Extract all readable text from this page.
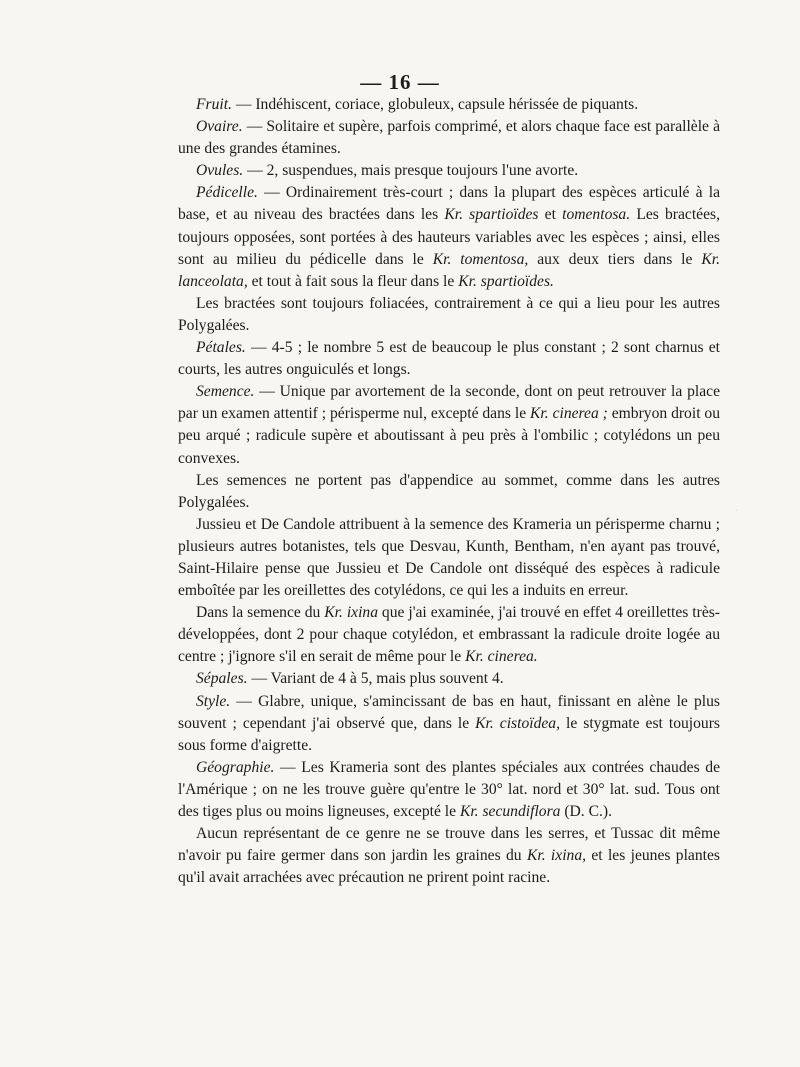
— 16 —

Fruit. — Indéhiscent, coriace, globuleux, capsule hérissée de piquants.

Ovaire. — Solitaire et supère, parfois comprimé, et alors chaque face est parallèle à une des grandes étamines.

Ovules. — 2, suspendues, mais presque toujours l'une avorte.

Pédicelle. — Ordinairement très-court ; dans la plupart des espèces articulé à la base, et au niveau des bractées dans les Kr. spartioïdes et tomentosa. Les bractées, toujours opposées, sont portées à des hauteurs variables avec les espèces ; ainsi, elles sont au milieu du pédicelle dans le Kr. tomentosa, aux deux tiers dans le Kr. lanceolata, et tout à fait sous la fleur dans le Kr. spartioïdes.

Les bractées sont toujours foliacées, contrairement à ce qui a lieu pour les autres Polygalées.

Pétales. — 4-5 ; le nombre 5 est de beaucoup le plus constant ; 2 sont charnus et courts, les autres onguiculés et longs.

Semence. — Unique par avortement de la seconde, dont on peut retrouver la place par un examen attentif ; périsperme nul, excepté dans le Kr. cinerea ; embryon droit ou peu arqué ; radicule supère et aboutissant à peu près à l'ombilic ; cotylédons un peu convexes.

Les semences ne portent pas d'appendice au sommet, comme dans les autres Polygalées.

Jussieu et De Candole attribuent à la semence des Krameria un périsperme charnu ; plusieurs autres botanistes, tels que Desvau, Kunth, Bentham, n'en ayant pas trouvé, Saint-Hilaire pense que Jussieu et De Candole ont disséqué des espèces à radicule emboîtée par les oreillettes des cotylédons, ce qui les a induits en erreur.

Dans la semence du Kr. ixina que j'ai examinée, j'ai trouvé en effet 4 oreillettes très-développées, dont 2 pour chaque cotylédon, et embrassant la radicule droite logée au centre ; j'ignore s'il en serait de même pour le Kr. cinerea.

Sépales. — Variant de 4 à 5, mais plus souvent 4.

Style. — Glabre, unique, s'amincissant de bas en haut, finissant en alène le plus souvent ; cependant j'ai observé que, dans le Kr. cistoïdea, le stygmate est toujours sous forme d'aigrette.

Géographie. — Les Krameria sont des plantes spéciales aux contrées chaudes de l'Amérique ; on ne les trouve guère qu'entre le 30° lat. nord et 30° lat. sud. Tous ont des tiges plus ou moins ligneuses, excepté le Kr. secundiflora (D. C.).

Aucun représentant de ce genre ne se trouve dans les serres, et Tussac dit même n'avoir pu faire germer dans son jardin les graines du Kr. ixina, et les jeunes plantes qu'il avait arrachées avec précaution ne prirent point racine.

.
